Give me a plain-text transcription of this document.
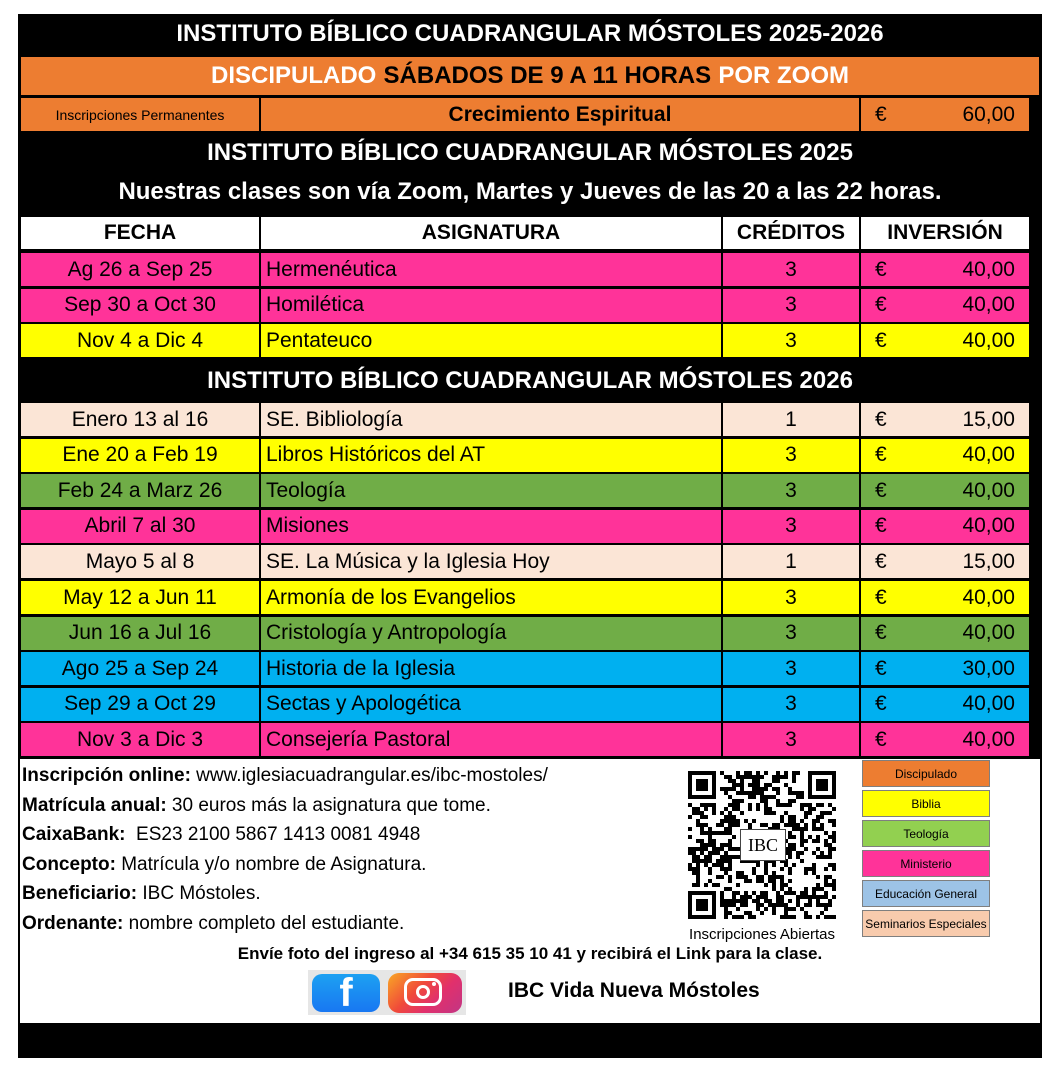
INSTITUTO BÍBLICO CUADRANGULAR MÓSTOLES 2025-2026
DISCIPULADO SÁBADOS DE 9 A 11 HORAS POR ZOOM
Inscripciones Permanentes	Crecimiento Espiritual	€	60,00
INSTITUTO BÍBLICO CUADRANGULAR MÓSTOLES 2025
Nuestras clases son vía Zoom, Martes y Jueves de las 20 a las 22 horas.
FECHA	ASIGNATURA	CRÉDITOS	INVERSIÓN
Ag 26 a Sep 25	Hermenéutica	3	€	40,00
Sep 30 a Oct 30	Homilética	3	€	40,00
Nov 4 a Dic 4	Pentateuco	3	€	40,00
INSTITUTO BÍBLICO CUADRANGULAR MÓSTOLES 2026
Enero 13 al 16	SE. Bibliología	1	€	15,00
Ene 20 a Feb 19	Libros Históricos del AT	3	€	40,00
Feb 24 a Marz 26	Teología	3	€	40,00
Abril 7 al 30	Misiones	3	€	40,00
Mayo 5 al 8	SE. La Música y la Iglesia Hoy	1	€	15,00
May 12 a Jun 11	Armonía de los Evangelios	3	€	40,00
Jun 16 a Jul 16	Cristología y Antropología	3	€	40,00
Ago 25 a Sep 24	Historia de la Iglesia	3	€	30,00
Sep 29 a Oct 29	Sectas y Apologética	3	€	40,00
Nov 3 a Dic 3	Consejería Pastoral	3	€	40,00
Inscripción online: www.iglesiacuadrangular.es/ibc-mostoles/
Matrícula anual: 30 euros más la asignatura que tome.
CaixaBank:  ES23 2100 5867 1413 0081 4948
Concepto: Matrícula y/o nombre de Asignatura.
Beneficiario: IBC Móstoles.
Ordenante: nombre completo del estudiante.
IBC
Inscripciones Abiertas
Discipulado
Biblia
Teología
Ministerio
Educación General
Seminarios Especiales
Envíe foto del ingreso al +34 615 35 10 41 y recibirá el Link para la clase.
f	IBC Vida Nueva Móstoles
